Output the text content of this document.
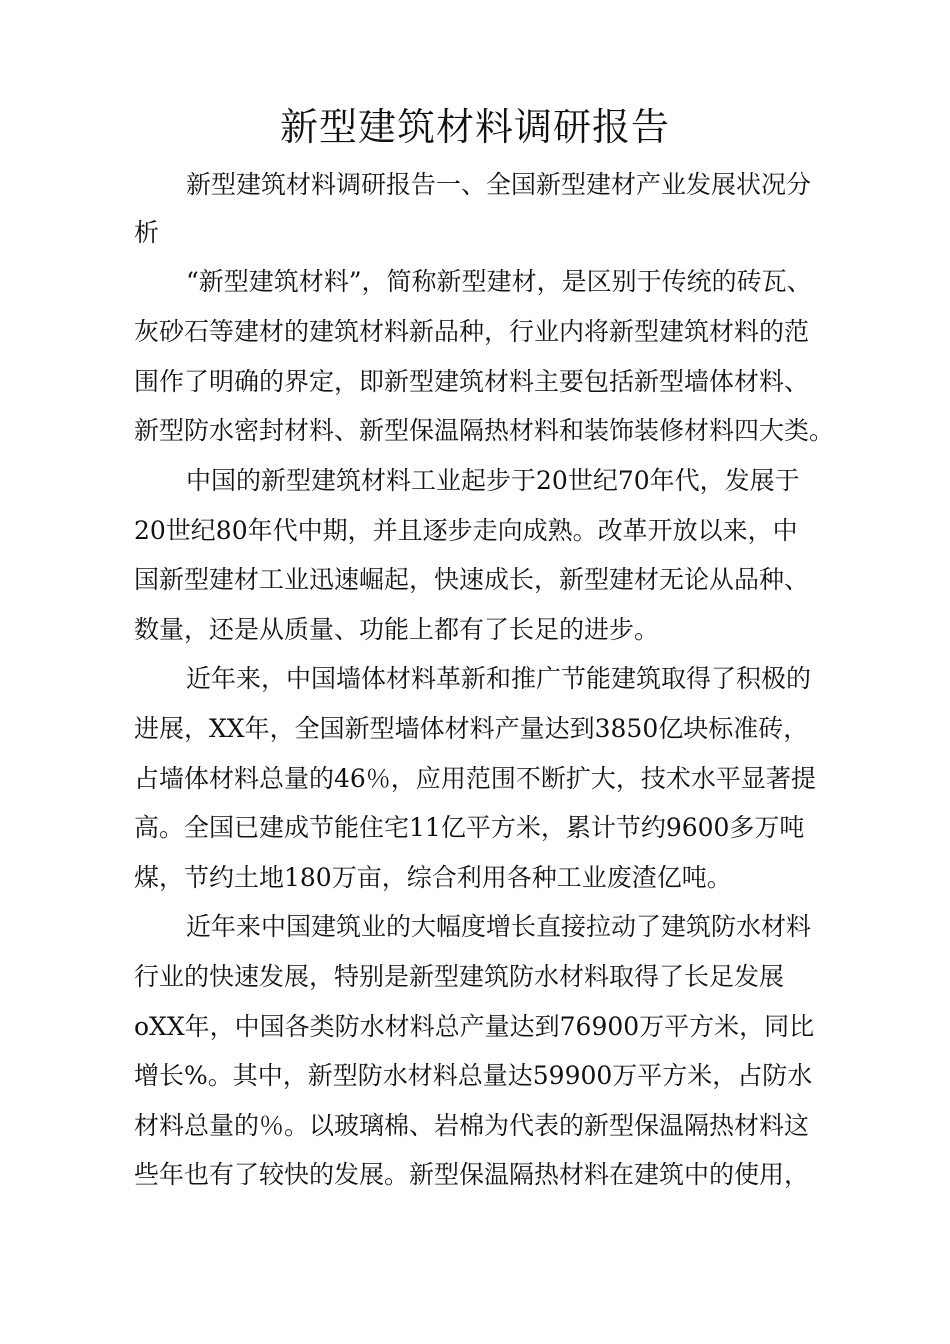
新型建筑材料调研报告
新型建筑材料调研报告一、全国新型建材产业发展状况分
析
“新型建筑材料”，简称新型建材，是区别于传统的砖瓦、
灰砂石等建材的建筑材料新品种，行业内将新型建筑材料的范
围作了明确的界定，即新型建筑材料主要包括新型墙体材料、
新型防水密封材料、新型保温隔热材料和装饰装修材料四大类。
中国的新型建筑材料工业起步于20世纪70年代，发展于
20世纪80年代中期，并且逐步走向成熟。改革开放以来，中
国新型建材工业迅速崛起，快速成长，新型建材无论从品种、
数量，还是从质量、功能上都有了长足的进步。
近年来，中国墙体材料革新和推广节能建筑取得了积极的
进展，XX年，全国新型墙体材料产量达到3850亿块标准砖，
占墙体材料总量的46％，应用范围不断扩大，技术水平显著提
高。全国已建成节能住宅11亿平方米，累计节约9600多万吨
煤，节约土地180万亩，综合利用各种工业废渣亿吨。
近年来中国建筑业的大幅度增长直接拉动了建筑防水材料
行业的快速发展，特别是新型建筑防水材料取得了长足发展
oXX年，中国各类防水材料总产量达到76900万平方米，同比
增长%。其中，新型防水材料总量达59900万平方米，占防水
材料总量的％。以玻璃棉、岩棉为代表的新型保温隔热材料这
些年也有了较快的发展。新型保温隔热材料在建筑中的使用，
